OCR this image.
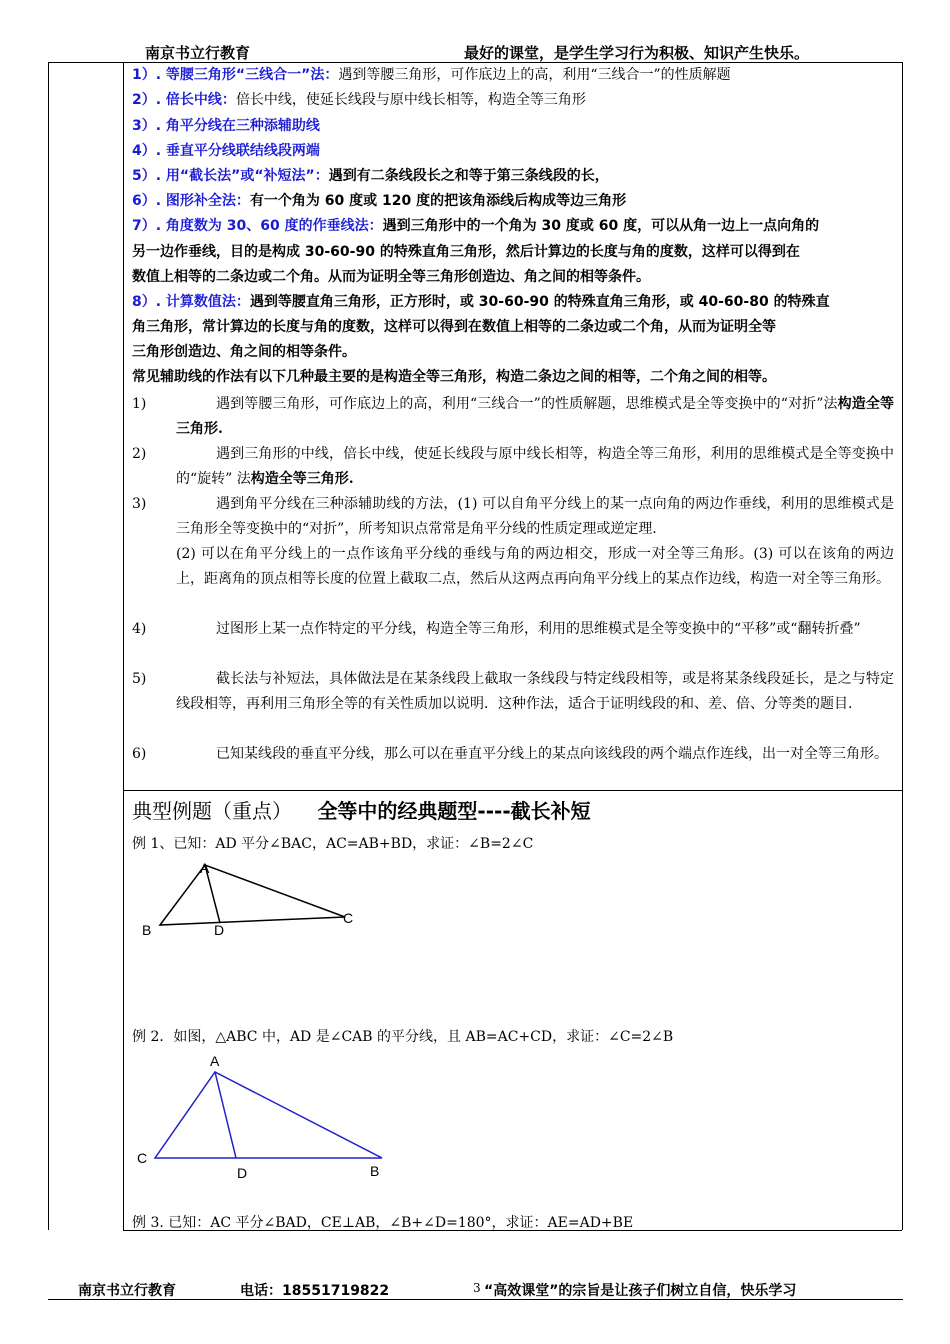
南京书立行教育	最好的课堂，是学生学习行为积极、知识产生快乐。
1）. 等腰三角形“三线合一”法：遇到等腰三角形，可作底边上的高，利用“三线合一”的性质解题
2）. 倍长中线：倍长中线，使延长线段与原中线长相等，构造全等三角形
3）. 角平分线在三种添辅助线
4）. 垂直平分线联结线段两端
5）. 用“截长法”或“补短法”：遇到有二条线段长之和等于第三条线段的长，
6）. 图形补全法：有一个角为 60 度或 120 度的把该角添线后构成等边三角形
7）. 角度数为 30、60 度的作垂线法：遇到三角形中的一个角为 30 度或 60 度，可以从角一边上一点向角的
另一边作垂线，目的是构成 30-60-90 的特殊直角三角形，然后计算边的长度与角的度数，这样可以得到在
数值上相等的二条边或二个角。从而为证明全等三角形创造边、角之间的相等条件。
8）. 计算数值法：遇到等腰直角三角形，正方形时，或 30-60-90 的特殊直角三角形，或 40-60-80 的特殊直
角三角形，常计算边的长度与角的度数，这样可以得到在数值上相等的二条边或二个角，从而为证明全等
三角形创造边、角之间的相等条件。
常见辅助线的作法有以下几种最主要的是构造全等三角形，构造二条边之间的相等，二个角之间的相等。
1)	遇到等腰三角形，可作底边上的高，利用“三线合一”的性质解题，思维模式是全等变换中的“对折”法构造全等三角形.
2)	遇到三角形的中线，倍长中线，使延长线段与原中线长相等，构造全等三角形，利用的思维模式是全等变换中的“旋转” 法构造全等三角形.
3)	遇到角平分线在三种添辅助线的方法，(1) 可以自角平分线上的某一点向角的两边作垂线，利用的思维模式是三角形全等变换中的“对折”，所考知识点常常是角平分线的性质定理或逆定理.
(2) 可以在角平分线上的一点作该角平分线的垂线与角的两边相交，形成一对全等三角形。(3) 可以在该角的两边上，距离角的顶点相等长度的位置上截取二点，然后从这两点再向角平分线上的某点作边线，构造一对全等三角形。
4)	过图形上某一点作特定的平分线，构造全等三角形，利用的思维模式是全等变换中的“平移”或“翻转折叠”
5)	截长法与补短法，具体做法是在某条线段上截取一条线段与特定线段相等，或是将某条线段延长，是之与特定线段相等，再利用三角形全等的有关性质加以说明．这种作法，适合于证明线段的和、差、倍、分等类的题目.
6)	已知某线段的垂直平分线，那么可以在垂直平分线上的某点向该线段的两个端点作连线，出一对全等三角形。
典型例题（重点） 全等中的经典题型----截长补短
例 1、已知：AD 平分∠BAC，AC=AB+BD，求证：∠B=2∠C
A
B	D
C
例 2．如图，△ABC 中，AD 是∠CAB 的平分线，且 AB=AC+CD，求证：∠C=2∠B
A
C
D	B
例 3. 已知：AC 平分∠BAD，CE⊥AB，∠B+∠D=180°，求证：AE=AD+BE
南京书立行教育	电话：18551719822	3 “高效课堂”的宗旨是让孩子们树立自信，快乐学习
